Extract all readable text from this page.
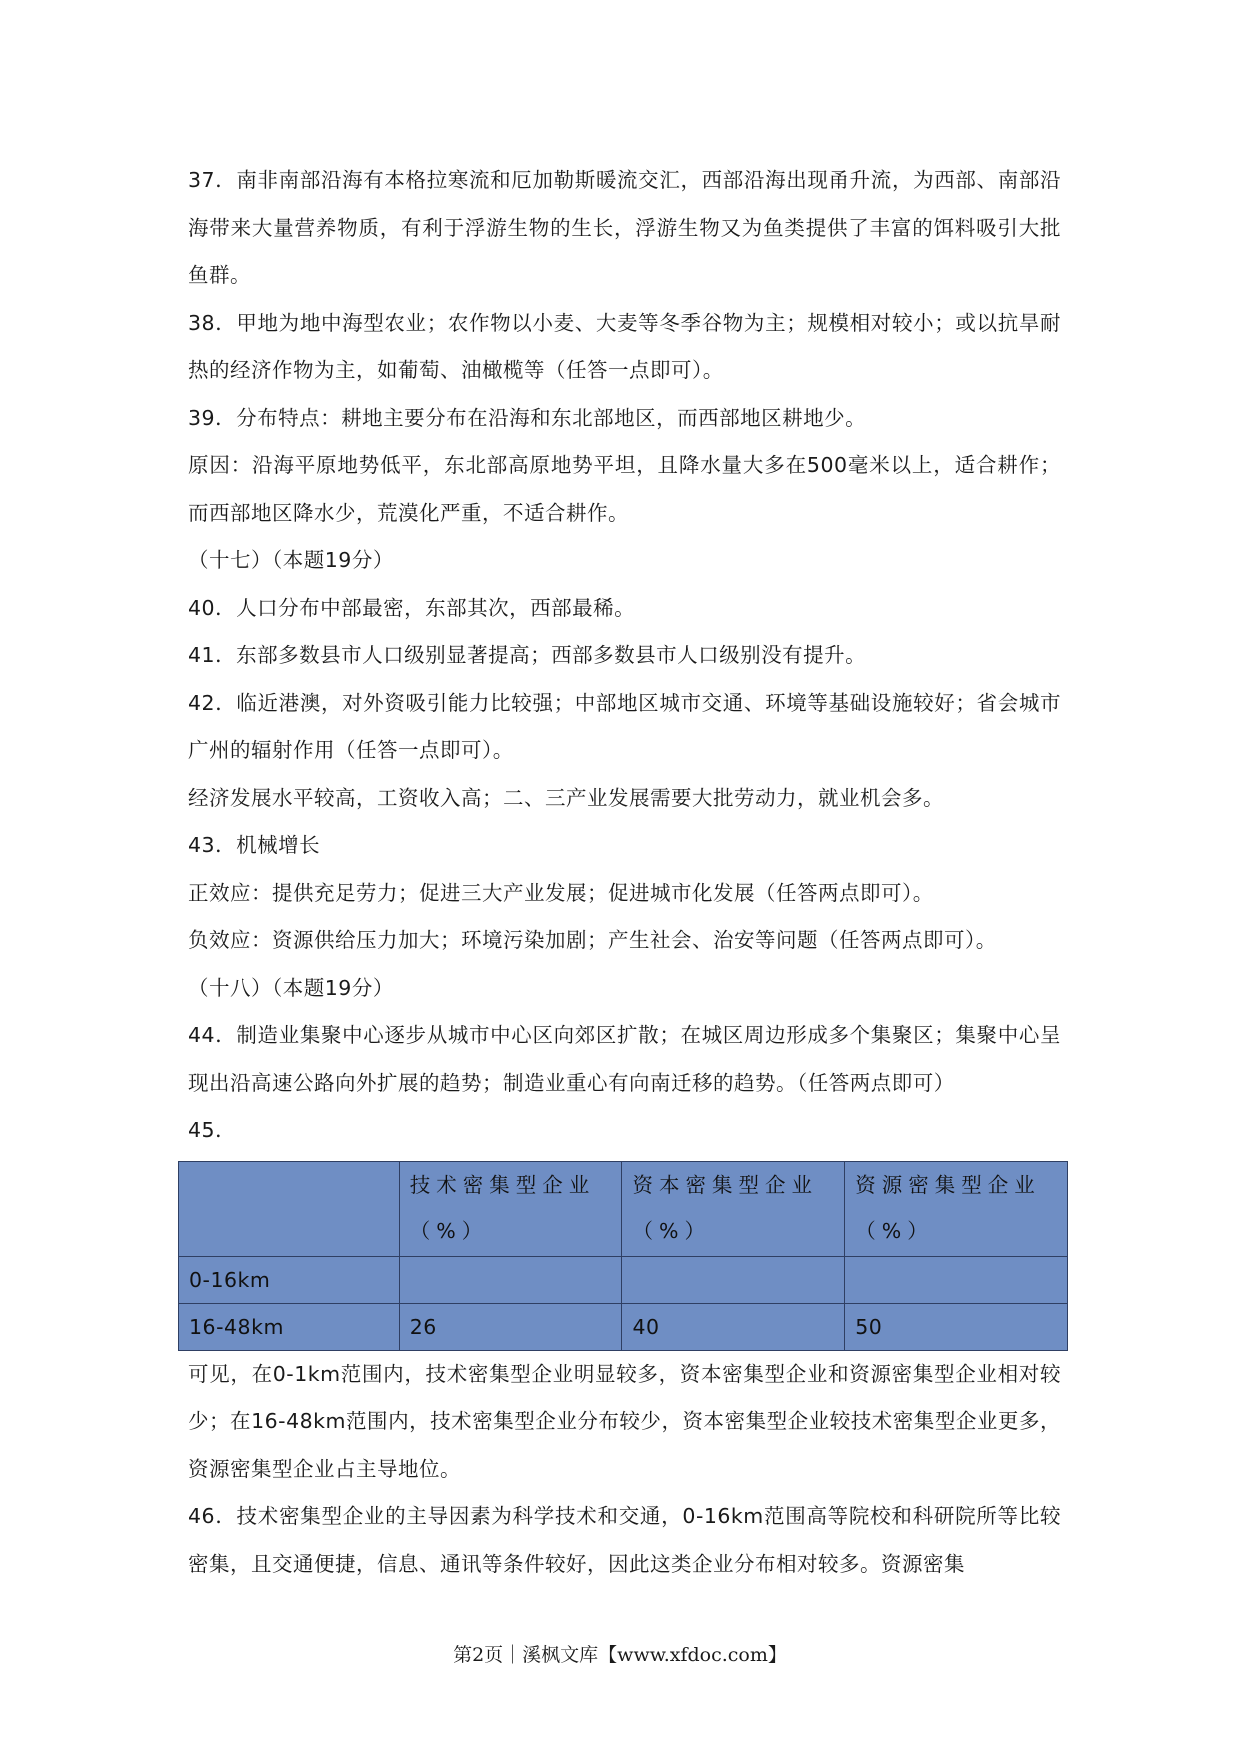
37．南非南部沿海有本格拉寒流和厄加勒斯暖流交汇，西部沿海出现甬升流，为西部、南部沿海带来大量营养物质，有利于浮游生物的生长，浮游生物又为鱼类提供了丰富的饵料吸引大批鱼群。

38．甲地为地中海型农业；农作物以小麦、大麦等冬季谷物为主；规模相对较小；或以抗旱耐热的经济作物为主，如葡萄、油橄榄等（任答一点即可）。

39．分布特点：耕地主要分布在沿海和东北部地区，而西部地区耕地少。

原因：沿海平原地势低平，东北部高原地势平坦，且降水量大多在500毫米以上，适合耕作；而西部地区降水少，荒漠化严重，不适合耕作。

（十七）（本题19分）

40．人口分布中部最密，东部其次，西部最稀。

41．东部多数县市人口级别显著提高；西部多数县市人口级别没有提升。

42．临近港澳，对外资吸引能力比较强；中部地区城市交通、环境等基础设施较好；省会城市广州的辐射作用（任答一点即可）。

经济发展水平较高，工资收入高；二、三产业发展需要大批劳动力，就业机会多。

43．机械增长

正效应：提供充足劳力；促进三大产业发展；促进城市化发展（任答两点即可）。

负效应：资源供给压力加大；环境污染加剧；产生社会、治安等问题（任答两点即可）。

（十八）（本题19分）

44．制造业集聚中心逐步从城市中心区向郊区扩散；在城区周边形成多个集聚区；集聚中心呈现出沿高速公路向外扩展的趋势；制造业重心有向南迁移的趋势。（任答两点即可）

45．

	技术密集型企业（%）	资本密集型企业（%）	资源密集型企业（%）

0-16km			
16-48km	26	40	50

可见，在0-1km范围内，技术密集型企业明显较多，资本密集型企业和资源密集型企业相对较少；在16-48km范围内，技术密集型企业分布较少，资本密集型企业较技术密集型企业更多，资源密集型企业占主导地位。

46．技术密集型企业的主导因素为科学技术和交通，0-16km范围高等院校和科研院所等比较密集，且交通便捷，信息、通讯等条件较好，因此这类企业分布相对较多。资源密集

第2页｜溪枫文库【www.xfdoc.com】
